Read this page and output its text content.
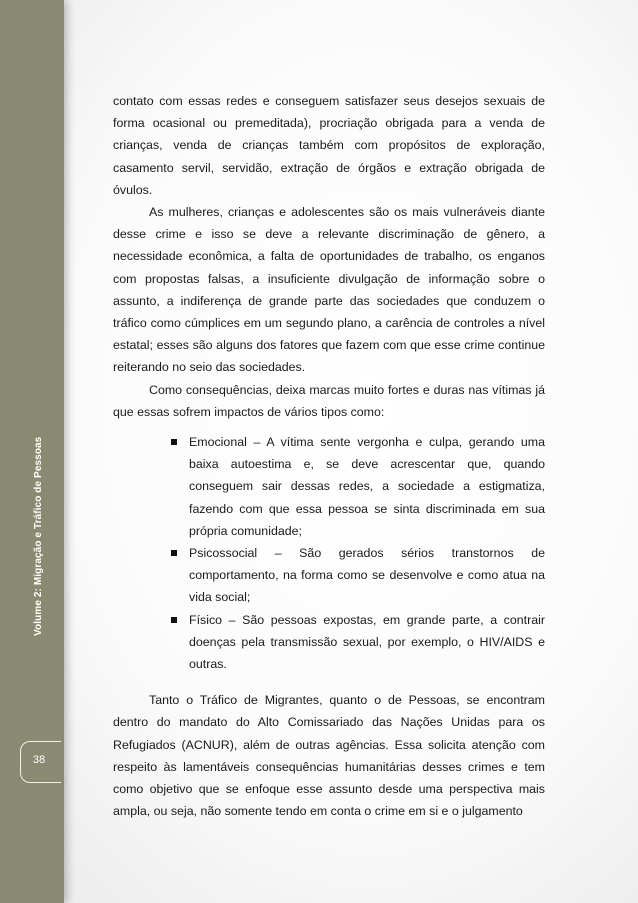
Volume 2: Migração e Tráfico de Pessoas
38

contato com essas redes e conseguem satisfazer seus desejos sexuais de forma ocasional ou premeditada), procriação obrigada para a venda de crianças, venda de crianças também com propósitos de exploração, casamento servil, servidão, extração de órgãos e extração obrigada de óvulos.

As mulheres, crianças e adolescentes são os mais vulneráveis diante desse crime e isso se deve a relevante discriminação de gênero, a necessidade econômica, a falta de oportunidades de trabalho, os enganos com propostas falsas, a insuficiente divulgação de informação sobre o assunto, a indiferença de grande parte das sociedades que conduzem o tráfico como cúmplices em um segundo plano, a carência de controles a nível estatal; esses são alguns dos fatores que fazem com que esse crime continue reiterando no seio das sociedades.

Como consequências, deixa marcas muito fortes e duras nas vítimas já que essas sofrem impactos de vários tipos como:

Emocional – A vítima sente vergonha e culpa, gerando uma baixa autoestima e, se deve acrescentar que, quando conseguem sair dessas redes, a sociedade a estigmatiza, fazendo com que essa pessoa se sinta discriminada em sua própria comunidade;
Psicossocial – São gerados sérios transtornos de comportamento, na forma como se desenvolve e como atua na vida social;
Físico – São pessoas expostas, em grande parte, a contrair doenças pela transmissão sexual, por exemplo, o HIV/AIDS e outras.

Tanto o Tráfico de Migrantes, quanto o de Pessoas, se encontram dentro do mandato do Alto Comissariado das Nações Unidas para os Refugiados (ACNUR), além de outras agências. Essa solicita atenção com respeito às lamentáveis consequências humanitárias desses crimes e tem como objetivo que se enfoque esse assunto desde uma perspectiva mais ampla, ou seja, não somente tendo em conta o crime em si e o julgamento
